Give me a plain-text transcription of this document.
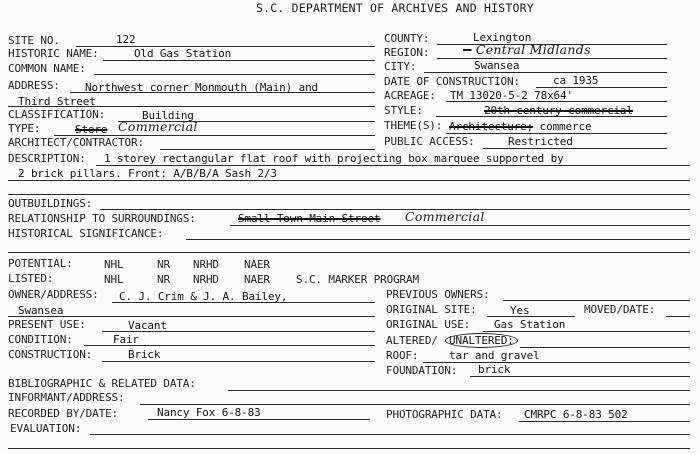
S.C. DEPARTMENT OF ARCHIVES AND HISTORY
SITE NO.	122
HISTORIC NAME:	Old Gas Station
COMMON NAME:
ADDRESS: Northwest corner Monmouth (Main) and
Third Street
CLASSIFICATION:	Building
TYPE:	Store Commercial
ARCHITECT/CONTRACTOR:
COUNTY:	Lexington
REGION:	Central Midlands
CITY:	Swansea
DATE OF CONSTRUCTION:	ca 1935
ACREAGE: TM 13020-5-2 78x64'
STYLE:	20th century commercial
THEME(S): Architecture; commerce
PUBLIC ACCESS:	Restricted
DESCRIPTION: 1 storey rectangular flat roof with projecting box marquee supported by
2 brick pillars. Front: A/B/B/A Sash 2/3
OUTBUILDINGS:
RELATIONSHIP TO SURROUNDINGS:	Small Town Main Street Commercial
HISTORICAL SIGNIFICANCE:
POTENTIAL:	NHL	NR NRHD NAER
LISTED:	NHL	NR NRHD NAER S.C. MARKER PROGRAM
OWNER/ADDRESS: C. J. Crim & J. A. Bailey,
Swansea
PREVIOUS OWNERS:
ORIGINAL SITE:	Yes	MOVED/DATE:
PRESENT USE:	Vacant	ORIGINAL USE: Gas Station
CONDITION:	Fair	ALTERED/ UNALTERED:
CONSTRUCTION:	Brick	ROOF:	tar and gravel
FOUNDATION: brick
BIBLIOGRAPHIC & RELATED DATA:
INFORMANT/ADDRESS:
RECORDED BY/DATE:	Nancy Fox 6-8-83	PHOTOGRAPHIC DATA: CMRPC 6-8-83 502
EVALUATION:
